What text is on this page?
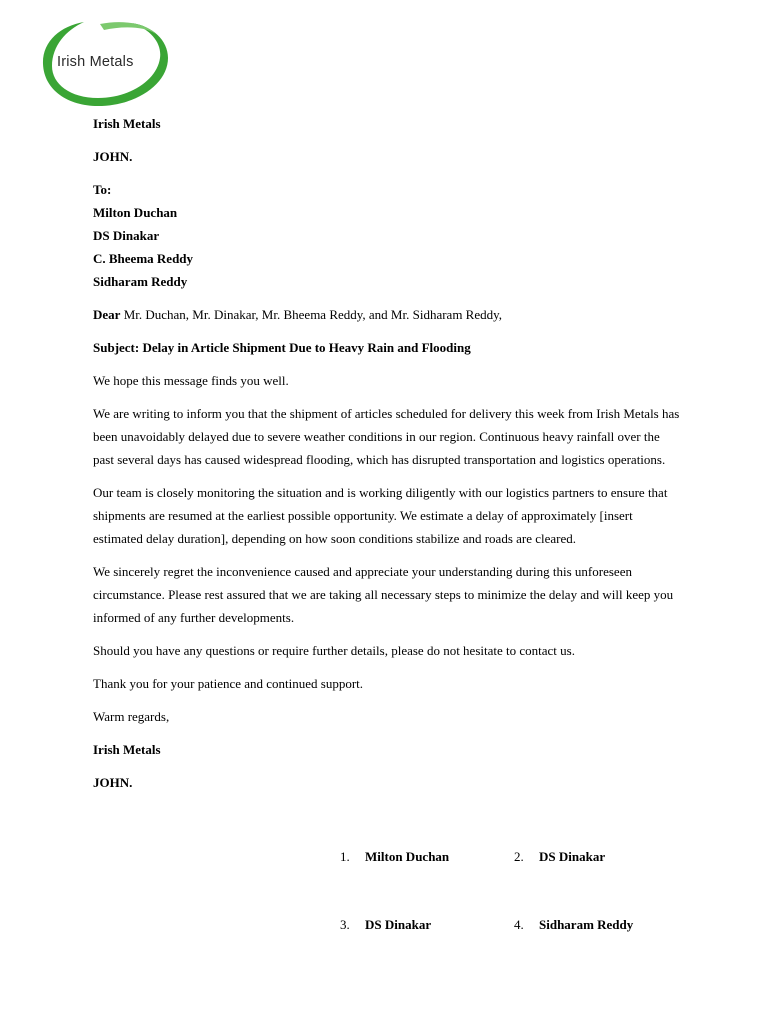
Irish Metals

Irish Metals

JOHN.

To:

Milton Duchan

DS Dinakar

C. Bheema Reddy

Sidharam Reddy

Dear Mr. Duchan, Mr. Dinakar, Mr. Bheema Reddy, and Mr. Sidharam Reddy,

Subject: Delay in Article Shipment Due to Heavy Rain and Flooding

We hope this message finds you well.

We are writing to inform you that the shipment of articles scheduled for delivery this week from Irish Metals has been unavoidably delayed due to severe weather conditions in our region. Continuous heavy rainfall over the past several days has caused widespread flooding, which has disrupted transportation and logistics operations.

Our team is closely monitoring the situation and is working diligently with our logistics partners to ensure that shipments are resumed at the earliest possible opportunity. We estimate a delay of approximately [insert estimated delay duration], depending on how soon conditions stabilize and roads are cleared.

We sincerely regret the inconvenience caused and appreciate your understanding during this unforeseen circumstance. Please rest assured that we are taking all necessary steps to minimize the delay and will keep you informed of any further developments.

Should you have any questions or require further details, please do not hesitate to contact us.

Thank you for your patience and continued support.

Warm regards,

Irish Metals

JOHN.

1.	Milton Duchan	2.	DS Dinakar
3.	DS Dinakar	4.	Sidharam Reddy
